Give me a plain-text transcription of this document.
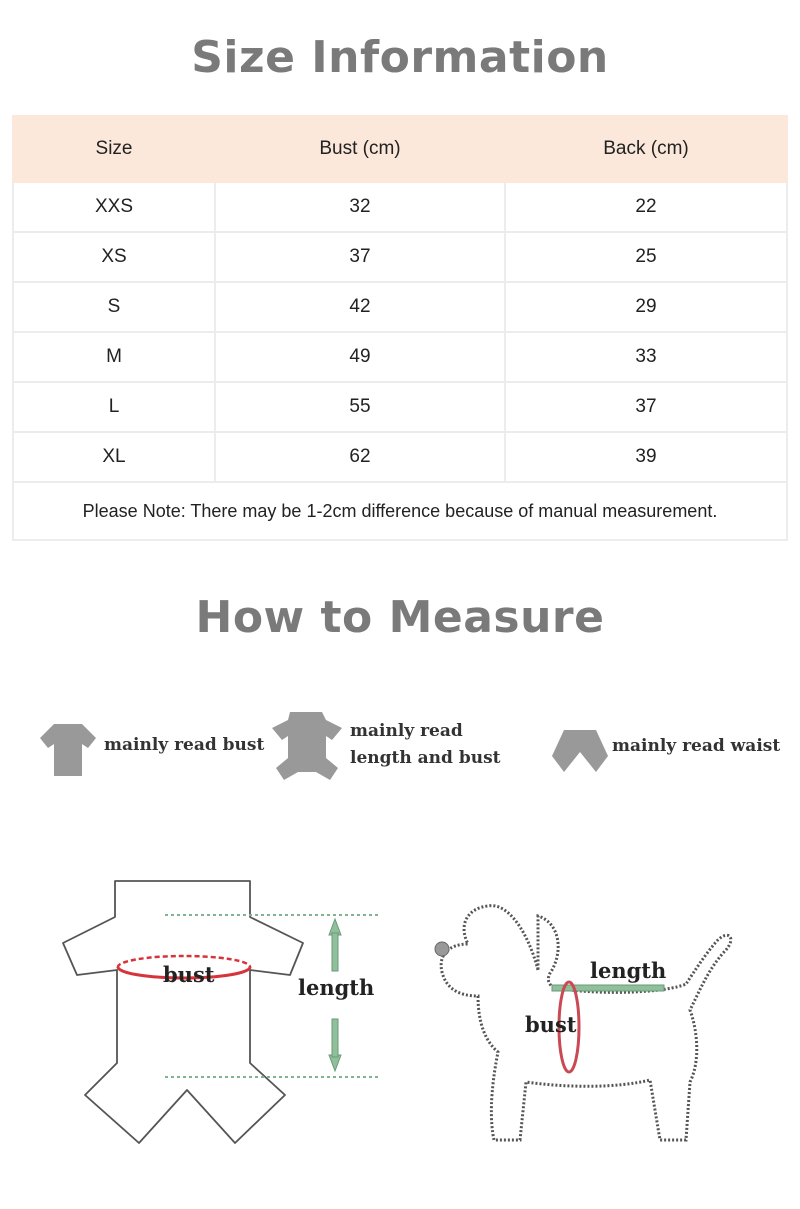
Size Information
Size	Bust (cm)	Back (cm)
XXS	32	22
XS	37	25
S	42	29
M	49	33
L	55	37
XL	62	39
Please Note: There may be 1-2cm difference because of manual measurement.		
How to Measure
mainly read bust
mainly read
length and bust
mainly read waist
bust
length
length
bust
